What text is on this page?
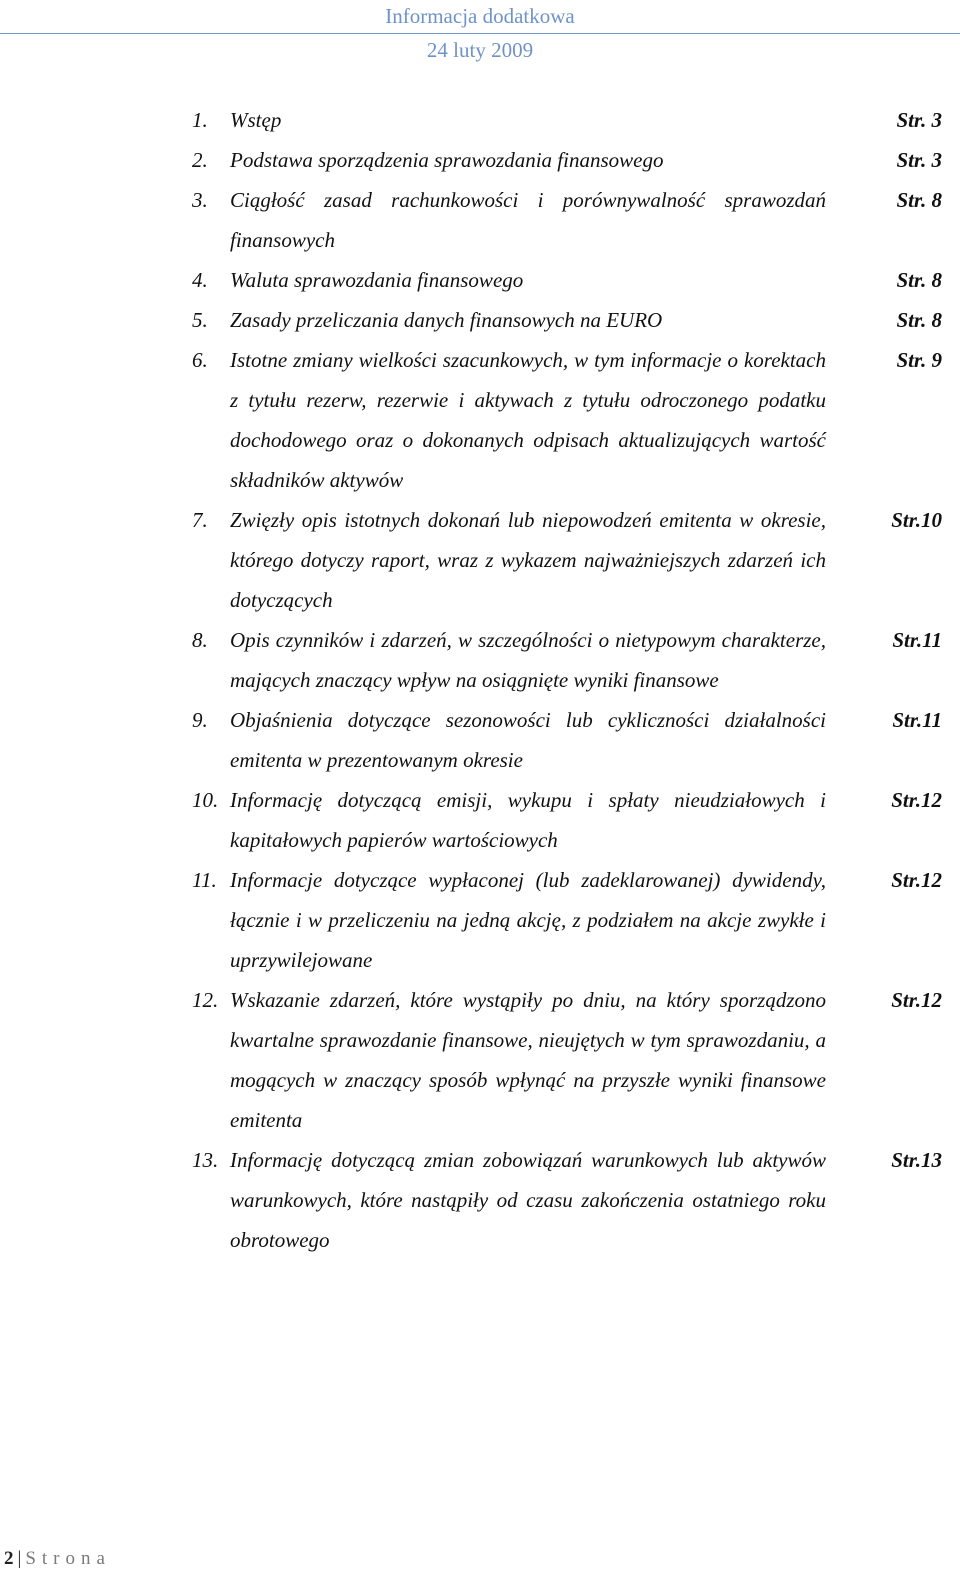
Informacja dodatkowa
24 luty 2009
1. Wstęp	Str. 3
2. Podstawa sporządzenia sprawozdania finansowego	Str. 3
3. Ciągłość zasad rachunkowości i porównywalność sprawozdań finansowych
Str. 8
4. Waluta sprawozdania finansowego	Str. 8
5. Zasady przeliczania danych finansowych na EURO	Str. 8
6. Istotne zmiany wielkości szacunkowych, w tym informacje o korektach z tytułu rezerw, rezerwie i aktywach z tytułu odroczonego podatku dochodowego oraz o dokonanych odpisach aktualizujących wartość składników aktywów
Str. 9
7. Zwięzły opis istotnych dokonań lub niepowodzeń emitenta w okresie, którego dotyczy raport, wraz z wykazem najważniejszych zdarzeń ich dotyczących
Str.10
8. Opis czynników i zdarzeń, w szczególności o nietypowym charakterze, mających znaczący wpływ na osiągnięte wyniki finansowe
Str.11
9. Objaśnienia dotyczące sezonowości lub cykliczności działalności emitenta w prezentowanym okresie
Str.11
10. Informację dotyczącą emisji, wykupu i spłaty nieudziałowych i kapitałowych papierów wartościowych
Str.12
11. Informacje dotyczące wypłaconej (lub zadeklarowanej) dywidendy, łącznie i w przeliczeniu na jedną akcję, z podziałem na akcje zwykłe i uprzywilejowane
Str.12
12. Wskazanie zdarzeń, które wystąpiły po dniu, na który sporządzono kwartalne sprawozdanie finansowe, nieujętych w tym sprawozdaniu, a mogących w znaczący sposób wpłynąć na przyszłe wyniki finansowe emitenta
Str.12
13. Informację dotyczącą zmian zobowiązań warunkowych lub aktywów warunkowych, które nastąpiły od czasu zakończenia ostatniego roku obrotowego
Str.13
2 | Strona
